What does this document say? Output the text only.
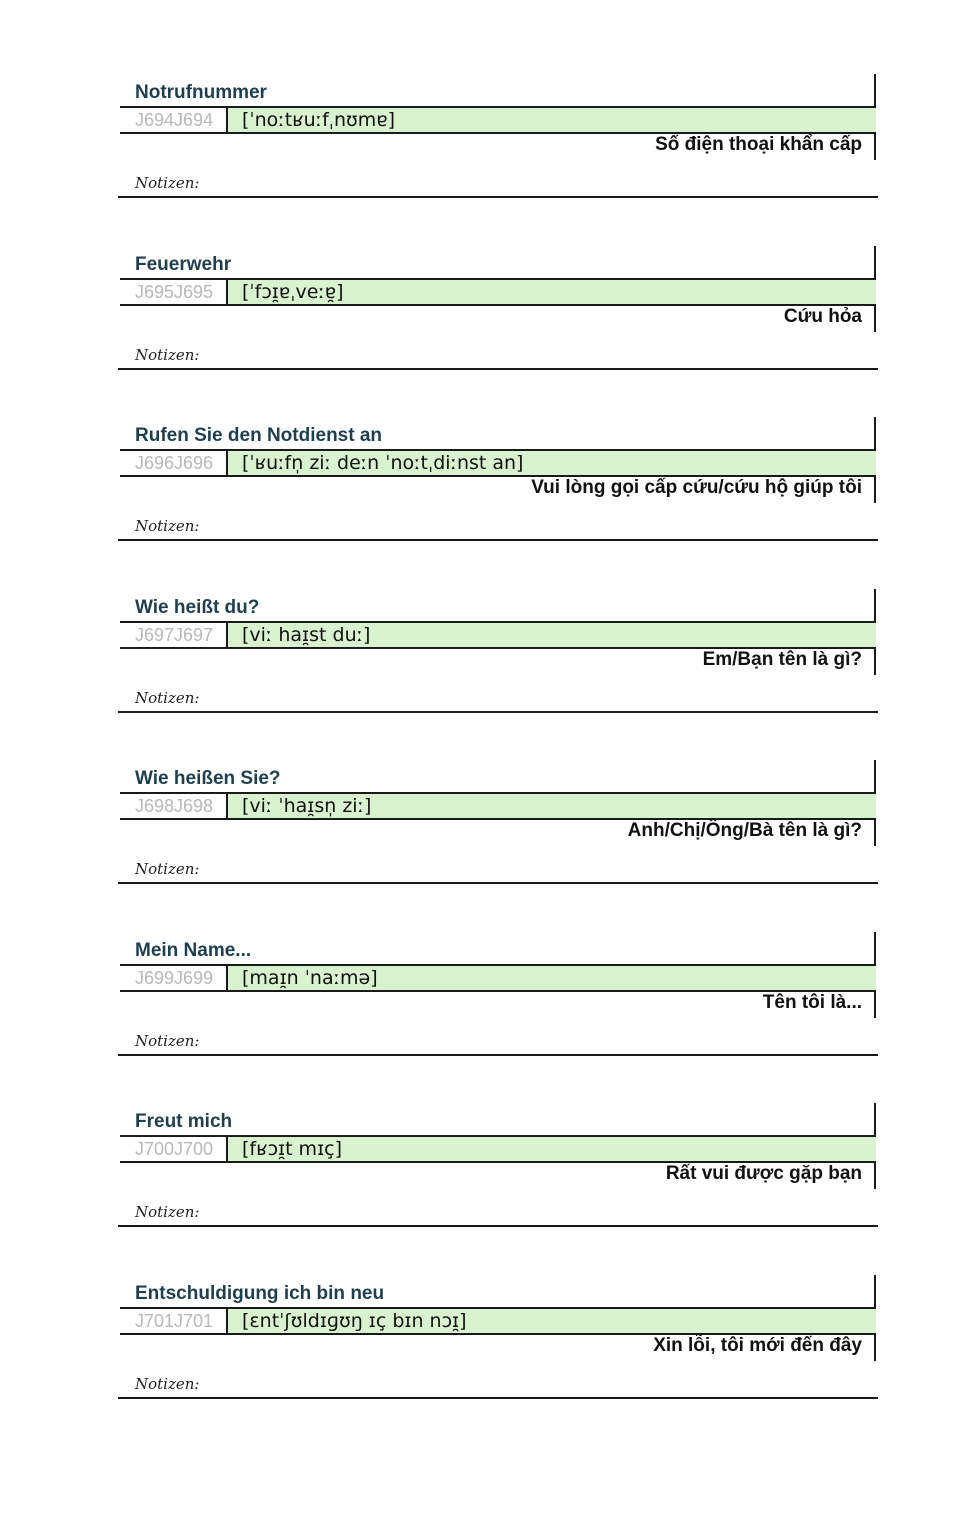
Notrufnummer
J694J694	[ˈnoːtʁuːfˌnʊmɐ]
Số điện thoại khẩn cấp
Notizen:
Feuerwehr
J695J695	[ˈfɔɪ̯ɐˌveːɐ̯]
Cứu hỏa
Notizen:
Rufen Sie den Notdienst an
J696J696	[ˈʁuːfn̩ ziː deːn ˈnoːtˌdiːnst an]
Vui lòng gọi cấp cứu/cứu hộ giúp tôi
Notizen:
Wie heißt du?
J697J697	[viː haɪ̯st duː]
Em/Bạn tên là gì?
Notizen:
Wie heißen Sie?
J698J698	[viː ˈhaɪ̯sn̩ ziː]
Anh/Chị/Ông/Bà tên là gì?
Notizen:
Mein Name...
J699J699	[maɪ̯n ˈnaːmə]
Tên tôi là...
Notizen:
Freut mich
J700J700	[fʁɔɪ̯t mɪç]
Rất vui được gặp bạn
Notizen:
Entschuldigung ich bin neu
J701J701	[ɛntˈʃʊldɪɡʊŋ ɪç bɪn nɔɪ̯]
Xin lỗi, tôi mới đến đây
Notizen:
